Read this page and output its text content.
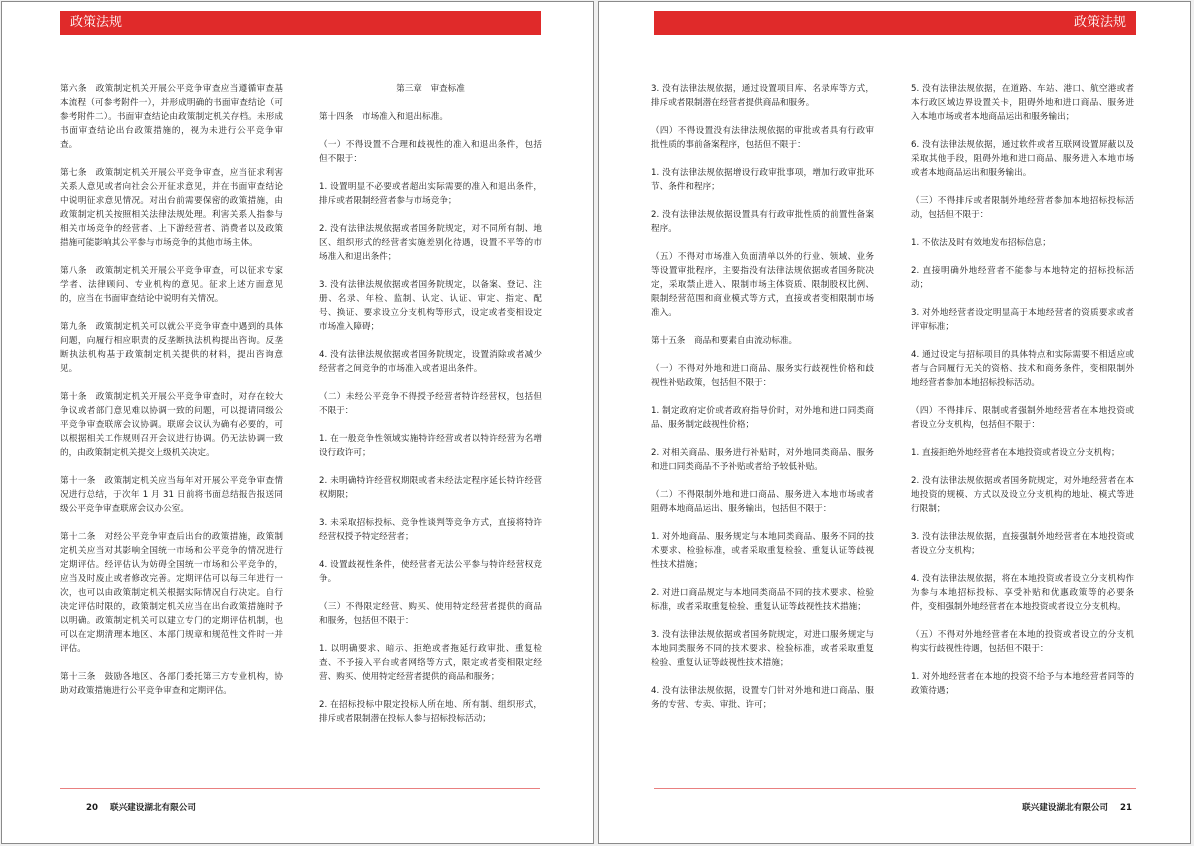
政策法规

第六条　政策制定机关开展公平竞争审查应当遵循审查基本流程（可参考附件一），并形成明确的书面审查结论（可参考附件二）。书面审查结论由政策制定机关存档。未形成书面审查结论出台政策措施的，视为未进行公平竞争审查。

第七条　政策制定机关开展公平竞争审查，应当征求利害关系人意见或者向社会公开征求意见，并在书面审查结论中说明征求意见情况。对出台前需要保密的政策措施，由政策制定机关按照相关法律法规处理。利害关系人指参与相关市场竞争的经营者、上下游经营者、消费者以及政策措施可能影响其公平参与市场竞争的其他市场主体。

第八条　政策制定机关开展公平竞争审查，可以征求专家学者、法律顾问、专业机构的意见。征求上述方面意见的，应当在书面审查结论中说明有关情况。

第九条　政策制定机关可以就公平竞争审查中遇到的具体问题，向履行相应职责的反垄断执法机构提出咨询。反垄断执法机构基于政策制定机关提供的材料，提出咨询意见。

第十条　政策制定机关开展公平竞争审查时，对存在较大争议或者部门意见难以协调一致的问题，可以提请同级公平竞争审查联席会议协调。联席会议认为确有必要的，可以根据相关工作规则召开会议进行协调。仍无法协调一致的，由政策制定机关提交上级机关决定。

第十一条　政策制定机关应当每年对开展公平竞争审查情况进行总结，于次年 1 月 31 日前将书面总结报告报送同级公平竞争审查联席会议办公室。

第十二条　对经公平竞争审查后出台的政策措施，政策制定机关应当对其影响全国统一市场和公平竞争的情况进行定期评估。经评估认为妨碍全国统一市场和公平竞争的，应当及时废止或者修改完善。定期评估可以每三年进行一次，也可以由政策制定机关根据实际情况自行决定。自行决定评估时限的，政策制定机关应当在出台政策措施时予以明确。政策制定机关可以建立专门的定期评估机制，也可以在定期清理本地区、本部门规章和规范性文件时一并评估。

第十三条　鼓励各地区、各部门委托第三方专业机构，协助对政策措施进行公平竞争审查和定期评估。

第三章　审查标准

第十四条　市场准入和退出标准。

（一）不得设置不合理和歧视性的准入和退出条件，包括但不限于：

1. 设置明显不必要或者超出实际需要的准入和退出条件，排斥或者限制经营者参与市场竞争；

2. 没有法律法规依据或者国务院规定，对不同所有制、地区、组织形式的经营者实施差别化待遇，设置不平等的市场准入和退出条件；

3. 没有法律法规依据或者国务院规定，以备案、登记、注册、名录、年检、监制、认定、认证、审定、指定、配号、换证、要求设立分支机构等形式，设定或者变相设定市场准入障碍；

4. 没有法律法规依据或者国务院规定，设置消除或者减少经营者之间竞争的市场准入或者退出条件。

（二）未经公平竞争不得授予经营者特许经营权，包括但不限于：

1. 在一般竞争性领域实施特许经营或者以特许经营为名增设行政许可；

2. 未明确特许经营权期限或者未经法定程序延长特许经营权期限；

3. 未采取招标投标、竞争性谈判等竞争方式，直接将特许经营权授予特定经营者；

4. 设置歧视性条件，使经营者无法公平参与特许经营权竞争。

（三）不得限定经营、购买、使用特定经营者提供的商品和服务，包括但不限于：

1. 以明确要求、暗示、拒绝或者拖延行政审批、重复检查、不予接入平台或者网络等方式，限定或者变相限定经营、购买、使用特定经营者提供的商品和服务；

2. 在招标投标中限定投标人所在地、所有制、组织形式，排斥或者限制潜在投标人参与招标投标活动；

20 联兴建设湖北有限公司
政策法规

3. 没有法律法规依据，通过设置项目库、名录库等方式，排斥或者限制潜在经营者提供商品和服务。

（四）不得设置没有法律法规依据的审批或者具有行政审批性质的事前备案程序，包括但不限于：

1. 没有法律法规依据增设行政审批事项，增加行政审批环节、条件和程序；

2. 没有法律法规依据设置具有行政审批性质的前置性备案程序。

（五）不得对市场准入负面清单以外的行业、领域、业务等设置审批程序，主要指没有法律法规依据或者国务院决定，采取禁止进入、限制市场主体资质、限制股权比例、限制经营范围和商业模式等方式，直接或者变相限制市场准入。

第十五条　商品和要素自由流动标准。

（一）不得对外地和进口商品、服务实行歧视性价格和歧视性补贴政策，包括但不限于：

1. 制定政府定价或者政府指导价时，对外地和进口同类商品、服务制定歧视性价格；

2. 对相关商品、服务进行补贴时，对外地同类商品、服务和进口同类商品不予补贴或者给予较低补贴。

（二）不得限制外地和进口商品、服务进入本地市场或者阻碍本地商品运出、服务输出，包括但不限于：

1. 对外地商品、服务规定与本地同类商品、服务不同的技术要求、检验标准，或者采取重复检验、重复认证等歧视性技术措施；

2. 对进口商品规定与本地同类商品不同的技术要求、检验标准，或者采取重复检验、重复认证等歧视性技术措施；

3. 没有法律法规依据或者国务院规定，对进口服务规定与本地同类服务不同的技术要求、检验标准，或者采取重复检验、重复认证等歧视性技术措施；

4. 没有法律法规依据，设置专门针对外地和进口商品、服务的专营、专卖、审批、许可；

5. 没有法律法规依据，在道路、车站、港口、航空港或者本行政区域边界设置关卡，阻碍外地和进口商品、服务进入本地市场或者本地商品运出和服务输出；

6. 没有法律法规依据，通过软件或者互联网设置屏蔽以及采取其他手段，阻碍外地和进口商品、服务进入本地市场或者本地商品运出和服务输出。

（三）不得排斥或者限制外地经营者参加本地招标投标活动，包括但不限于：

1. 不依法及时有效地发布招标信息；

2. 直接明确外地经营者不能参与本地特定的招标投标活动；

3. 对外地经营者设定明显高于本地经营者的资质要求或者评审标准；

4. 通过设定与招标项目的具体特点和实际需要不相适应或者与合同履行无关的资格、技术和商务条件，变相限制外地经营者参加本地招标投标活动。

（四）不得排斥、限制或者强制外地经营者在本地投资或者设立分支机构，包括但不限于：

1. 直接拒绝外地经营者在本地投资或者设立分支机构；

2. 没有法律法规依据或者国务院规定，对外地经营者在本地投资的规模、方式以及设立分支机构的地址、模式等进行限制；

3. 没有法律法规依据，直接强制外地经营者在本地投资或者设立分支机构；

4. 没有法律法规依据，将在本地投资或者设立分支机构作为参与本地招标投标、享受补贴和优惠政策等的必要条件，变相强制外地经营者在本地投资或者设立分支机构。

（五）不得对外地经营者在本地的投资或者设立的分支机构实行歧视性待遇，包括但不限于：

1. 对外地经营者在本地的投资不给予与本地经营者同等的政策待遇；

联兴建设湖北有限公司 21
